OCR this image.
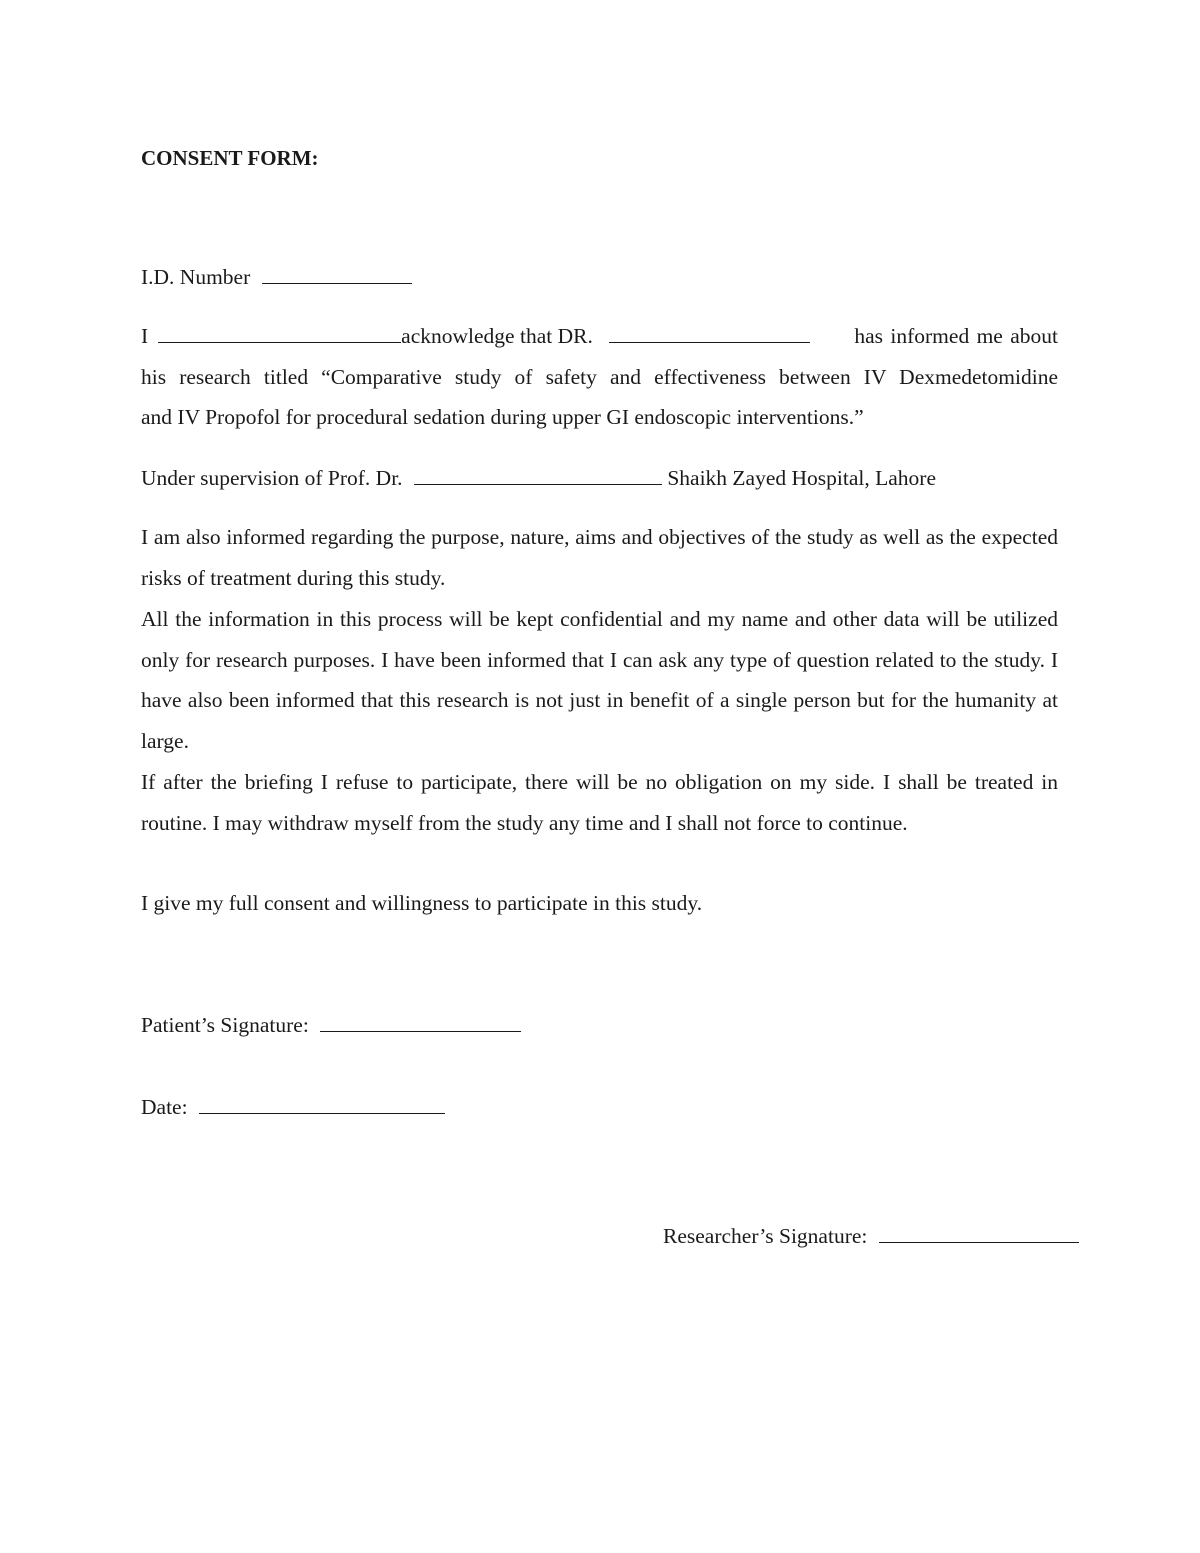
CONSENT FORM:
I.D. Number
I	acknowledge that DR.	has informed me about
his research titled “Comparative study of safety and effectiveness between IV Dexmedetomidine
and IV Propofol for procedural sedation during upper GI endoscopic interventions.”
Under supervision of Prof. Dr.	Shaikh Zayed Hospital, Lahore

I am also informed regarding the purpose, nature, aims and objectives of the study as well as the expected risks of treatment during this study.

All the information in this process will be kept confidential and my name and other data will be utilized only for research purposes. I have been informed that I can ask any type of question related to the study. I have also been informed that this research is not just in benefit of a single person but for the humanity at large.

If after the briefing I refuse to participate, there will be no obligation on my side. I shall be treated in routine. I may withdraw myself from the study any time and I shall not force to continue.

I give my full consent and willingness to participate in this study.

Patient’s Signature:
Date:
Researcher’s Signature:
